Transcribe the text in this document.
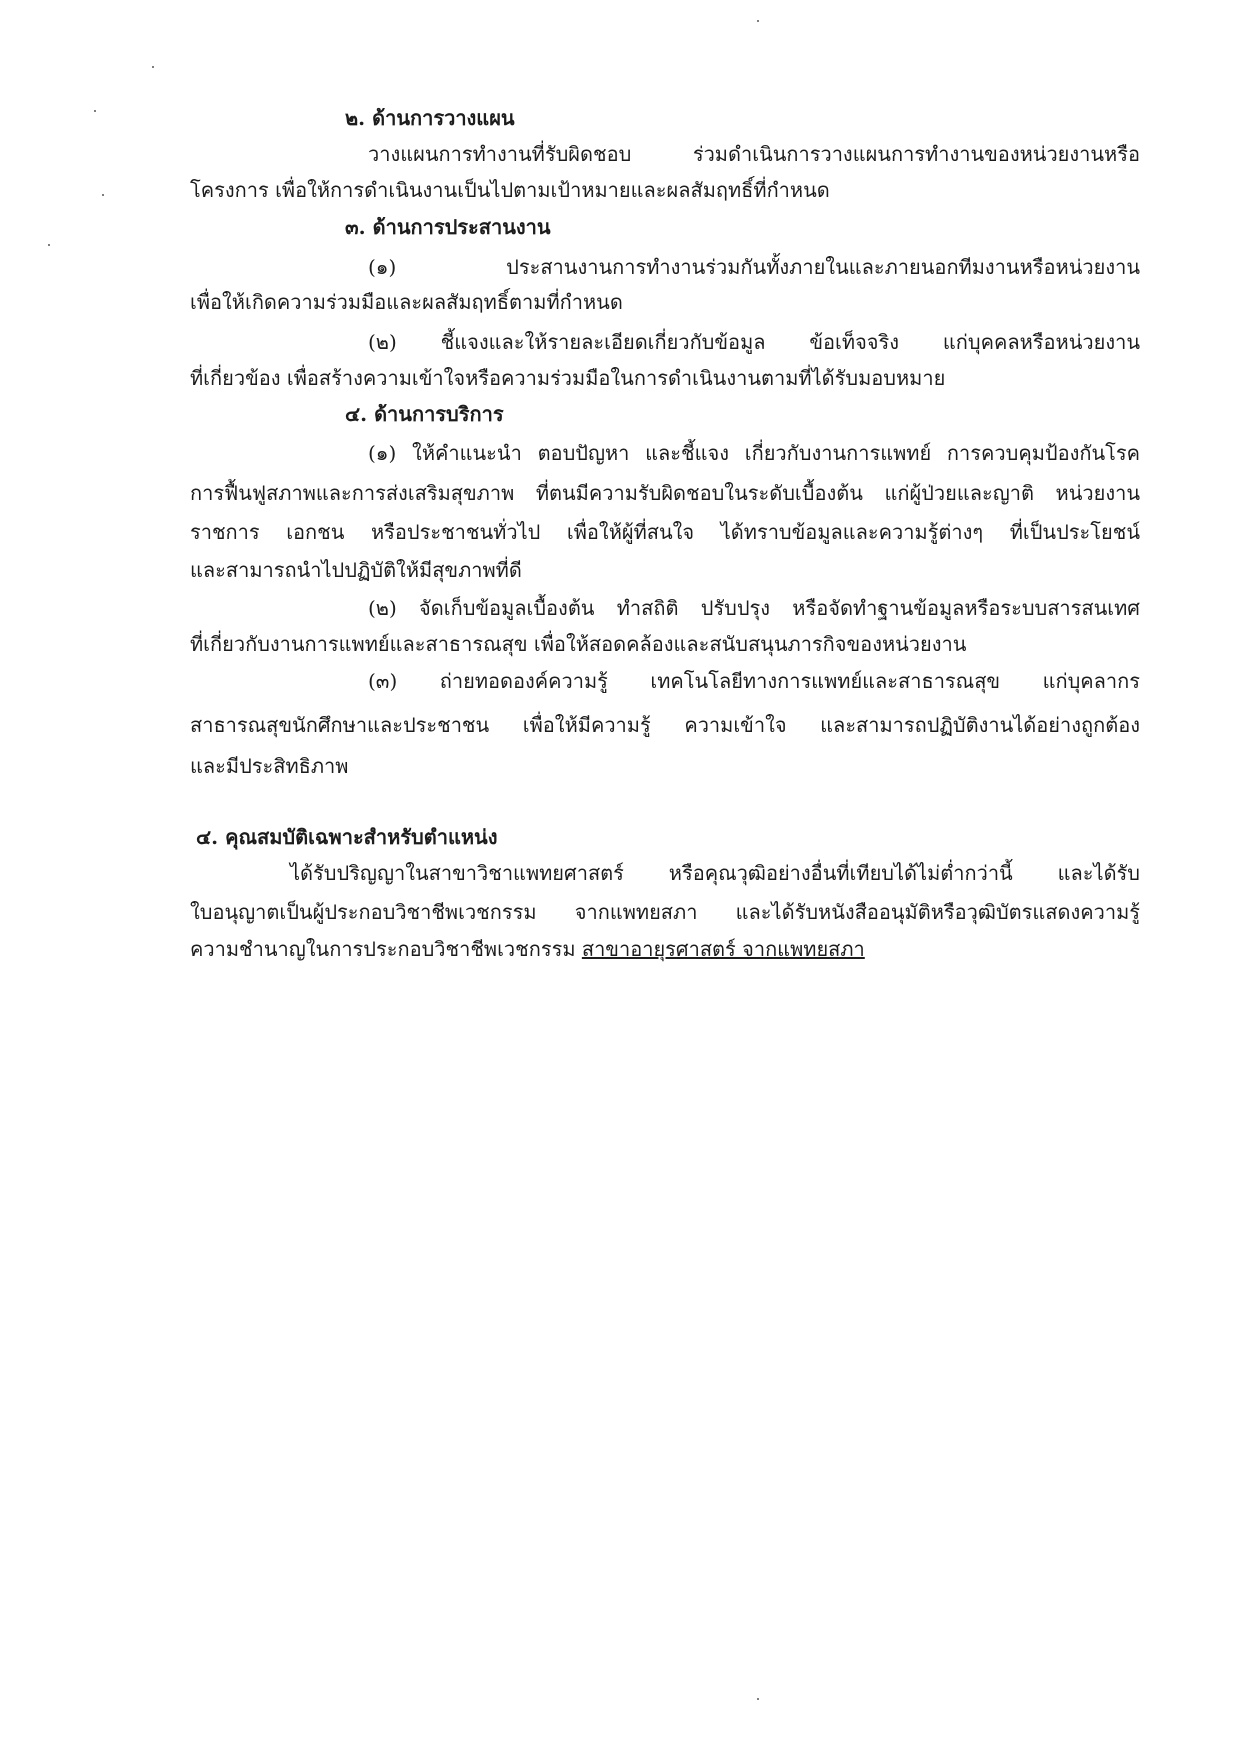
๒. ด้านการวางแผน
วางแผนการทำงานที่รับผิดชอบ ร่วมดำเนินการวางแผนการทำงานของหน่วยงานหรือ
โครงการ เพื่อให้การดำเนินงานเป็นไปตามเป้าหมายและผลสัมฤทธิ์ที่กำหนด
๓. ด้านการประสานงาน
(๑) ประสานงานการทำงานร่วมกันทั้งภายในและภายนอกทีมงานหรือหน่วยงาน
เพื่อให้เกิดความร่วมมือและผลสัมฤทธิ์ตามที่กำหนด
(๒) ชี้แจงและให้รายละเอียดเกี่ยวกับข้อมูล ข้อเท็จจริง แก่บุคคลหรือหน่วยงาน
ที่เกี่ยวข้อง เพื่อสร้างความเข้าใจหรือความร่วมมือในการดำเนินงานตามที่ได้รับมอบหมาย
๔. ด้านการบริการ
(๑) ให้คำแนะนำ ตอบปัญหา และชี้แจง เกี่ยวกับงานการแพทย์ การควบคุมป้องกันโรค
การฟื้นฟูสภาพและการส่งเสริมสุขภาพ ที่ตนมีความรับผิดชอบในระดับเบื้องต้น แก่ผู้ป่วยและญาติ หน่วยงาน
ราชการ เอกชน หรือประชาชนทั่วไป เพื่อให้ผู้ที่สนใจ ได้ทราบข้อมูลและความรู้ต่างๆ ที่เป็นประโยชน์
และสามารถนำไปปฏิบัติให้มีสุขภาพที่ดี
(๒) จัดเก็บข้อมูลเบื้องต้น ทำสถิติ ปรับปรุง หรือจัดทำฐานข้อมูลหรือระบบสารสนเทศ
ที่เกี่ยวกับงานการแพทย์และสาธารณสุข เพื่อให้สอดคล้องและสนับสนุนภารกิจของหน่วยงาน
(๓) ถ่ายทอดองค์ความรู้ เทคโนโลยีทางการแพทย์และสาธารณสุข แก่บุคลากร
สาธารณสุขนักศึกษาและประชาชน เพื่อให้มีความรู้ ความเข้าใจ และสามารถปฏิบัติงานได้อย่างถูกต้อง
และมีประสิทธิภาพ
๔. คุณสมบัติเฉพาะสำหรับตำแหน่ง
ได้รับปริญญาในสาขาวิชาแพทยศาสตร์ หรือคุณวุฒิอย่างอื่นที่เทียบได้ไม่ต่ำกว่านี้ และได้รับ
ใบอนุญาตเป็นผู้ประกอบวิชาชีพเวชกรรม จากแพทยสภา และได้รับหนังสืออนุมัติหรือวุฒิบัตรแสดงความรู้
ความชำนาญในการประกอบวิชาชีพเวชกรรม สาขาอายุรศาสตร์ จากแพทยสภา
